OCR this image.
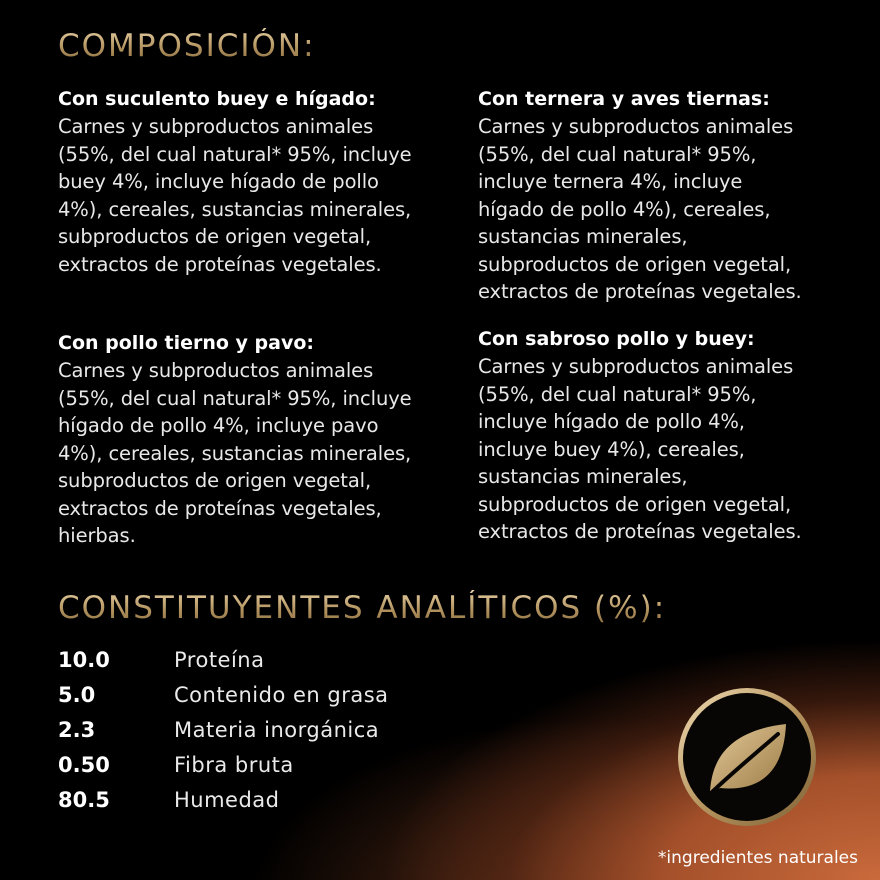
COMPOSICIÓN:
Con suculento buey e hígado:
Carnes y subproductos animales
(55%, del cual natural* 95%, incluye
buey 4%, incluye hígado de pollo
4%), cereales, sustancias minerales,
subproductos de origen vegetal,
extractos de proteínas vegetales.
Con ternera y aves tiernas:
Carnes y subproductos animales
(55%, del cual natural* 95%,
incluye ternera 4%, incluye
hígado de pollo 4%), cereales,
sustancias minerales,
subproductos de origen vegetal,
extractos de proteínas vegetales.
Con pollo tierno y pavo:
Carnes y subproductos animales
(55%, del cual natural* 95%, incluye
hígado de pollo 4%, incluye pavo
4%), cereales, sustancias minerales,
subproductos de origen vegetal,
extractos de proteínas vegetales,
hierbas.
Con sabroso pollo y buey:
Carnes y subproductos animales
(55%, del cual natural* 95%,
incluye hígado de pollo 4%,
incluye buey 4%), cereales,
sustancias minerales,
subproductos de origen vegetal,
extractos de proteínas vegetales.
CONSTITUYENTES ANALÍTICOS (%):
10.0	Proteína
5.0	Contenido en grasa
2.3	Materia inorgánica
0.50	Fibra bruta
80.5	Humedad
*ingredientes naturales
